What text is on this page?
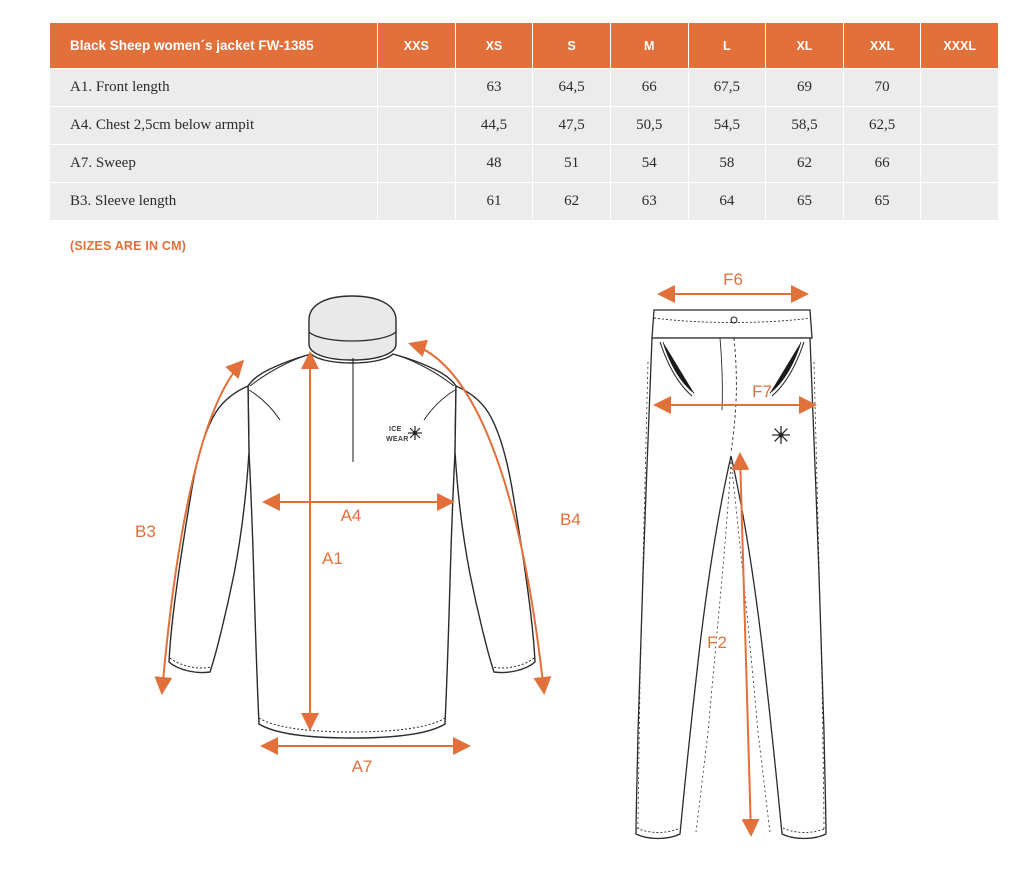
Black Sheep women´s jacket FW-1385	XXS	XS	S	M	L	XL	XXL	XXXL
A1. Front length		63	64,5	66	67,5	69	70	
A4. Chest 2,5cm below armpit		44,5	47,5	50,5	54,5	58,5	62,5	
A7. Sweep		48	51	54	58	62	66	
B3. Sleeve length		61	62	63	64	65	65	
(SIZES ARE IN CM)
ICE
WEAR
A4
A1
A7
B3
B4
F6
F7
F2
